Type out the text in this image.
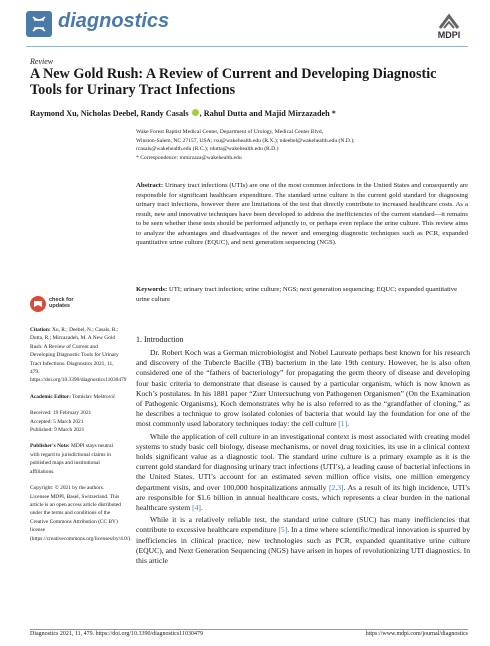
diagnostics
MDPI
Review
A New Gold Rush: A Review of Current and Developing Diagnostic Tools for Urinary Tract Infections
Raymond Xu, Nicholas Deebel, Randy Casals , Rahul Dutta and Majid Mirzazadeh *
Wake Forest Baptist Medical Center, Department of Urology, Medical Center Blvd,
Winston-Salem, NC 27157, USA; rxu@wakehealth.edu (R.X.); ndeebel@wakehealth.edu (N.D.);
rcasals@wakehealth.edu (R.C.); rdutta@wakehealth.edu (R.D.)
* Correspondence: mmirzaza@wakehealth.edu
Abstract: Urinary tract infections (UTIs) are one of the most common infections in the United States and consequently are responsible for significant healthcare expenditure. The standard urine culture is the current gold standard for diagnosing urinary tract infections, however there are limitations of the test that directly contribute to increased healthcare costs. As a result, new and innovative techniques have been developed to address the inefficiencies of the current standard—it remains to be seen whether these tests should be performed adjunctly to, or perhaps even replace the urine culture. This review aims to analyze the advantages and disadvantages of the newer and emerging diagnostic techniques such as PCR, expanded quantitative urine culture (EQUC), and next generation sequencing (NGS).
Keywords: UTI; urinary tract infection; urine culture; NGS; next generation sequencing; EQUC; expanded quantitative urine culture
check for
updates
Citation: Xu, R.; Deebel, N.; Casals, R.; Dutta, R.; Mirzazadeh, M. A New Gold Rush: A Review of Current and Developing Diagnostic Tools for Urinary Tract Infections. Diagnostics 2021, 11, 479. https://doi.org/10.3390/diagnostics11030479
Academic Editor: Tomislav Meštrović
Received: 19 February 2021
Accepted: 5 March 2021
Published: 9 March 2021
Publisher's Note: MDPI stays neutral with regard to jurisdictional claims in published maps and institutional affiliations.
Copyright: © 2021 by the authors. Licensee MDPI, Basel, Switzerland. This article is an open access article distributed under the terms and conditions of the Creative Commons Attribution (CC BY) license (https://creativecommons.org/licenses/by/4.0/).
1. Introduction

Dr. Robert Koch was a German microbiologist and Nobel Laureate perhaps best known for his research and discovery of the Tubercle Bacille (TB) bacterium in the late 19th century. However, he is also often considered one of the “fathers of bacteriology” for propagating the germ theory of disease and developing four basic criteria to demonstrate that disease is caused by a particular organism, which is now known as Koch’s postulates. In his 1881 paper “Zurr Untersuchung von Pathogenen Organismen” (On the Examination of Pathogenic Organisms), Koch demonstrates why he is also referred to as the “grandfather of cloning,” as he describes a technique to grow isolated colonies of bacteria that would lay the foundation for one of the most commonly used laboratory techniques today: the cell culture [1].

While the application of cell culture in an investigational context is most associated with creating model systems to study basic cell biology, disease mechanisms, or novel drug toxicities, its use in a clinical context holds significant value as a diagnostic tool. The standard urine culture is a primary example as it is the current gold standard for diagnosing urinary tract infections (UTI’s), a leading cause of bacterial infections in the United States. UTI’s account for an estimated seven million office visits, one million emergency department visits, and over 100,000 hospitalizations annually [2,3]. As a result of its high incidence, UTI’s are responsible for $1.6 billion in annual healthcare costs, which represents a clear burden in the national healthcare system [4].

While it is a relatively reliable test, the standard urine culture (SUC) has many inefficiencies that contribute to excessive healthcare expenditure [5]. In a time where scientific/medical innovation is spurred by inefficiencies in clinical practice, new technologies such as PCR, expanded quantitative urine culture (EQUC), and Next Generation Sequencing (NGS) have arisen in hopes of revolutionizing UTI diagnostics. In this article

Diagnostics 2021, 11, 479. https://doi.org/10.3390/diagnostics11030479	https://www.mdpi.com/journal/diagnostics
